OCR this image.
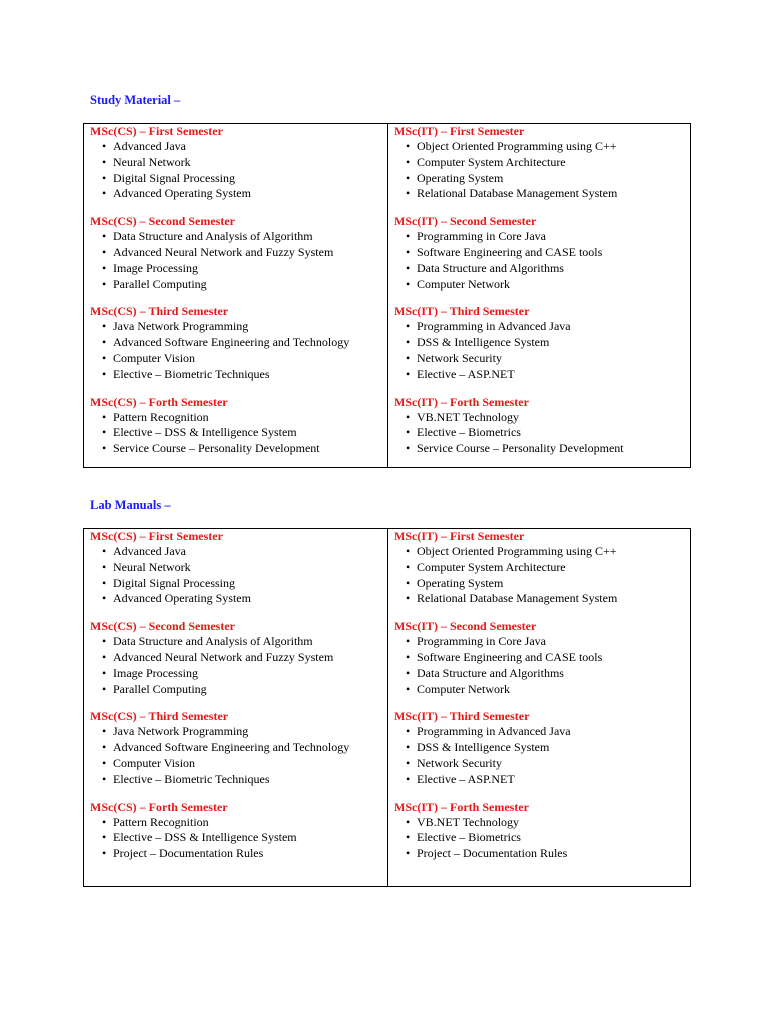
Study Material –
MSc(CS) – First Semester
• Advanced Java
• Neural Network
• Digital Signal Processing
• Advanced Operating System
MSc(CS) – Second Semester
• Data Structure and Analysis of Algorithm
• Advanced Neural Network and Fuzzy System
• Image Processing
• Parallel Computing
MSc(CS) – Third Semester
• Java Network Programming
• Advanced Software Engineering and Technology
• Computer Vision
• Elective – Biometric Techniques
MSc(CS) – Forth Semester
• Pattern Recognition
• Elective – DSS & Intelligence System
• Service Course – Personality Development
MSc(IT) – First Semester
• Object Oriented Programming using C++
• Computer System Architecture
• Operating System
• Relational Database Management System
MSc(IT) – Second Semester
• Programming in Core Java
• Software Engineering and CASE tools
• Data Structure and Algorithms
• Computer Network
MSc(IT) – Third Semester
• Programming in Advanced Java
• DSS & Intelligence System
• Network Security
• Elective – ASP.NET
MSc(IT) – Forth Semester
• VB.NET Technology
• Elective – Biometrics
• Service Course – Personality Development
Lab Manuals –
MSc(CS) – First Semester
• Advanced Java
• Neural Network
• Digital Signal Processing
• Advanced Operating System
MSc(CS) – Second Semester
• Data Structure and Analysis of Algorithm
• Advanced Neural Network and Fuzzy System
• Image Processing
• Parallel Computing
MSc(CS) – Third Semester
• Java Network Programming
• Advanced Software Engineering and Technology
• Computer Vision
• Elective – Biometric Techniques
MSc(CS) – Forth Semester
• Pattern Recognition
• Elective – DSS & Intelligence System
• Project – Documentation Rules
MSc(IT) – First Semester
• Object Oriented Programming using C++
• Computer System Architecture
• Operating System
• Relational Database Management System
MSc(IT) – Second Semester
• Programming in Core Java
• Software Engineering and CASE tools
• Data Structure and Algorithms
• Computer Network
MSc(IT) – Third Semester
• Programming in Advanced Java
• DSS & Intelligence System
• Network Security
• Elective – ASP.NET
MSc(IT) – Forth Semester
• VB.NET Technology
• Elective – Biometrics
• Project – Documentation Rules
